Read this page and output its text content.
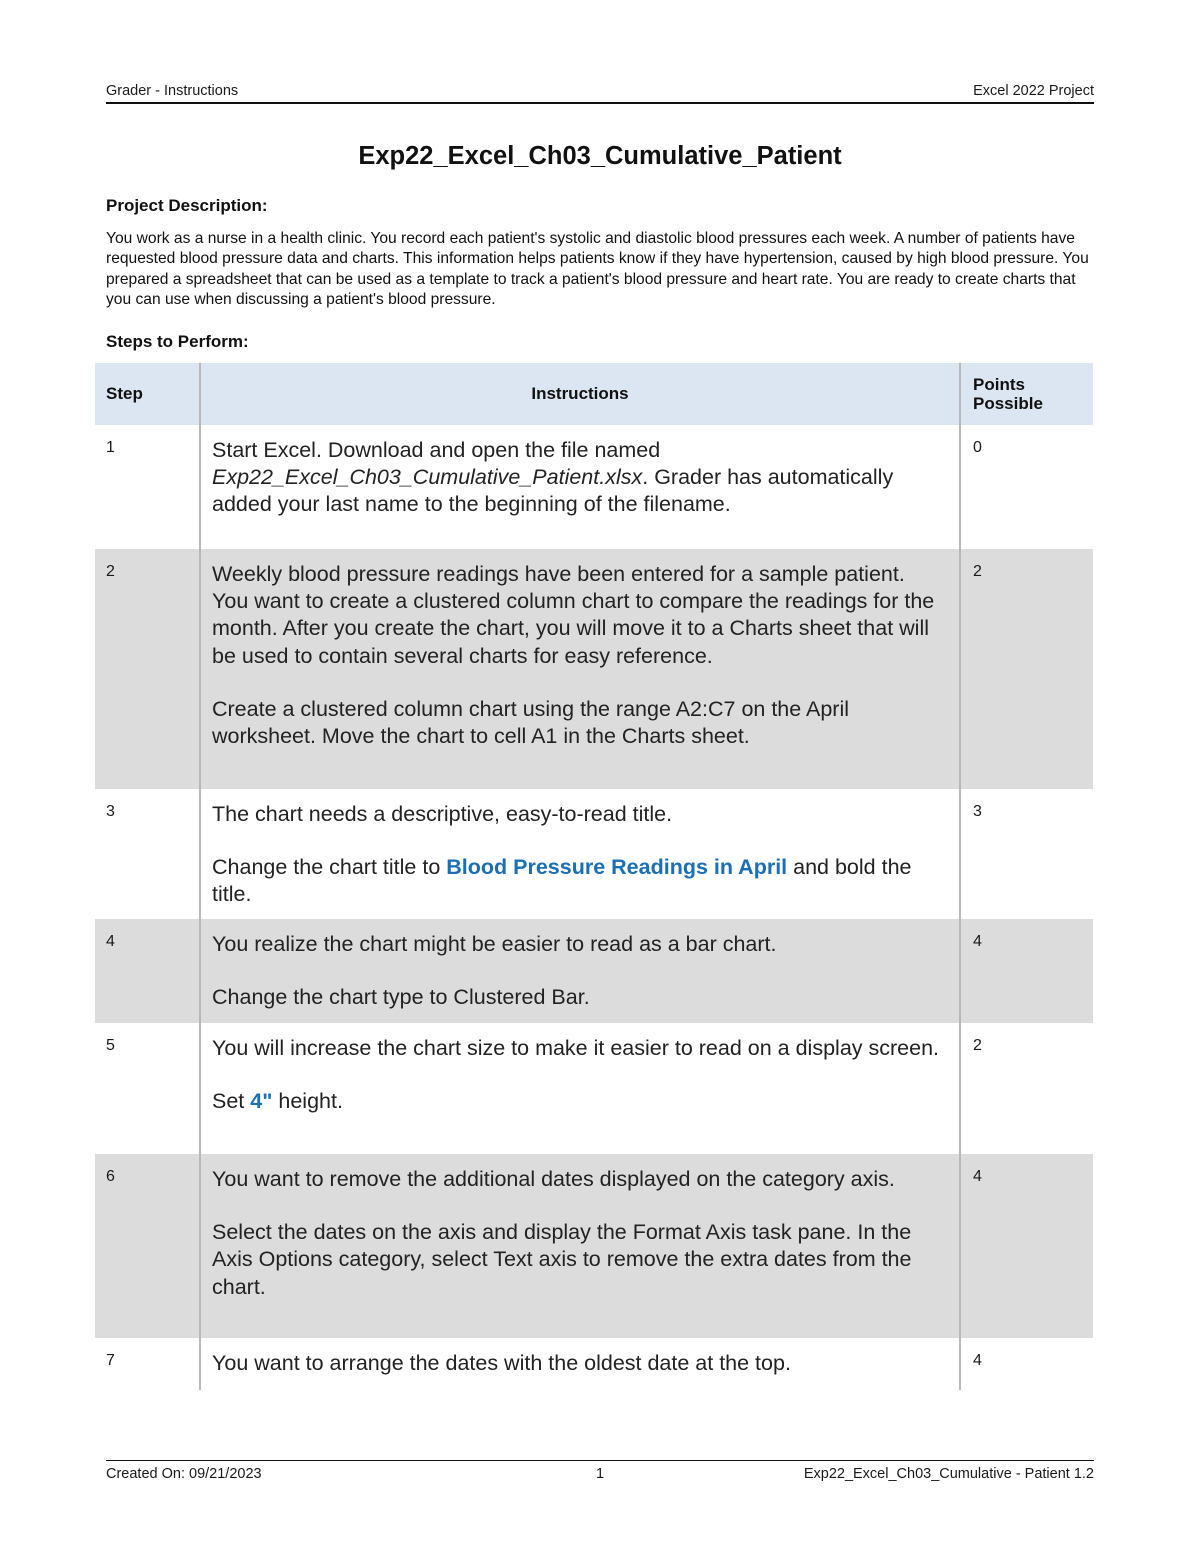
Grader - Instructions	Excel 2022 Project
Exp22_Excel_Ch03_Cumulative_Patient
Project Description:
You work as a nurse in a health clinic. You record each patient's systolic and diastolic blood pressures each week. A number of patients have requested blood pressure data and charts. This information helps patients know if they have hypertension, caused by high blood pressure. You prepared a spreadsheet that can be used as a template to track a patient's blood pressure and heart rate. You are ready to create charts that you can use when discussing a patient's blood pressure.
Steps to Perform:
Step	Instructions	Points Possible
1	Start Excel. Download and open the file named Exp22_Excel_Ch03_Cumulative_Patient.xlsx. Grader has automatically added your last name to the beginning of the filename.	0
2	Weekly blood pressure readings have been entered for a sample patient. You want to create a clustered column chart to compare the readings for the month. After you create the chart, you will move it to a Charts sheet that will be used to contain several charts for easy reference.

Create a clustered column chart using the range A2:C7 on the April worksheet. Move the chart to cell A1 in the Charts sheet.	2
3	The chart needs a descriptive, easy-to-read title.

Change the chart title to Blood Pressure Readings in April and bold the title.	3
4	You realize the chart might be easier to read as a bar chart.

Change the chart type to Clustered Bar.	4
5	You will increase the chart size to make it easier to read on a display screen.

Set 4" height.	2
6	You want to remove the additional dates displayed on the category axis.

Select the dates on the axis and display the Format Axis task pane. In the Axis Options category, select Text axis to remove the extra dates from the chart.	4
7	You want to arrange the dates with the oldest date at the top.	4
Created On: 09/21/2023	1	Exp22_Excel_Ch03_Cumulative - Patient 1.2
